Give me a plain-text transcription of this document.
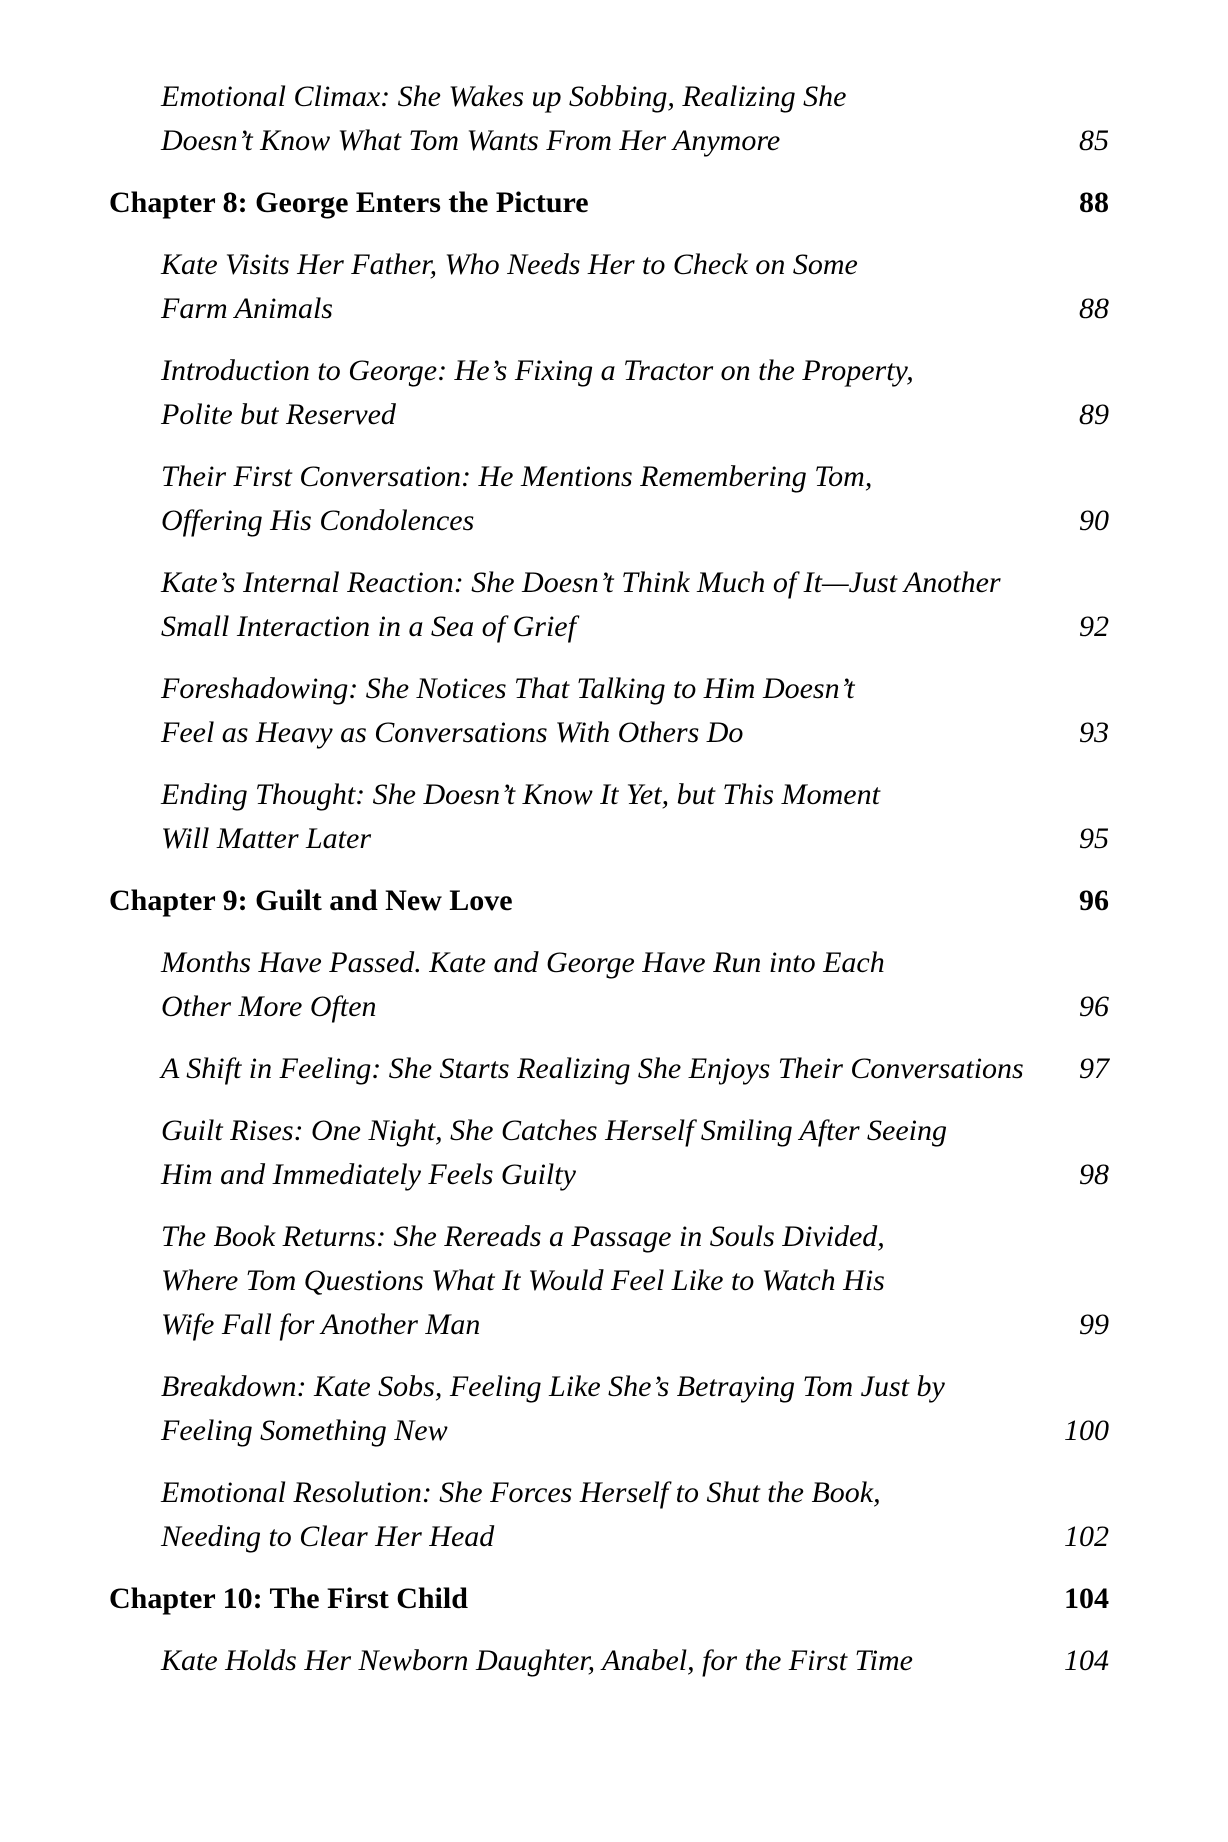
Emotional Climax: She Wakes up Sobbing, Realizing She
Doesn’t Know What Tom Wants From Her Anymore	85
Chapter 8: George Enters the Picture	88
Kate Visits Her Father, Who Needs Her to Check on Some
Farm Animals	88
Introduction to George: He’s Fixing a Tractor on the Property,
Polite but Reserved	89
Their First Conversation: He Mentions Remembering Tom,
Offering His Condolences	90
Kate’s Internal Reaction: She Doesn’t Think Much of It—Just Another
Small Interaction in a Sea of Grief	92
Foreshadowing: She Notices That Talking to Him Doesn’t
Feel as Heavy as Conversations With Others Do	93
Ending Thought: She Doesn’t Know It Yet, but This Moment
Will Matter Later	95
Chapter 9: Guilt and New Love	96
Months Have Passed. Kate and George Have Run into Each
Other More Often	96
A Shift in Feeling: She Starts Realizing She Enjoys Their Conversations	97
Guilt Rises: One Night, She Catches Herself Smiling After Seeing
Him and Immediately Feels Guilty	98
The Book Returns: She Rereads a Passage in Souls Divided,
Where Tom Questions What It Would Feel Like to Watch His
Wife Fall for Another Man	99
Breakdown: Kate Sobs, Feeling Like She’s Betraying Tom Just by
Feeling Something New	100
Emotional Resolution: She Forces Herself to Shut the Book,
Needing to Clear Her Head	102
Chapter 10: The First Child	104
Kate Holds Her Newborn Daughter, Anabel, for the First Time	104
